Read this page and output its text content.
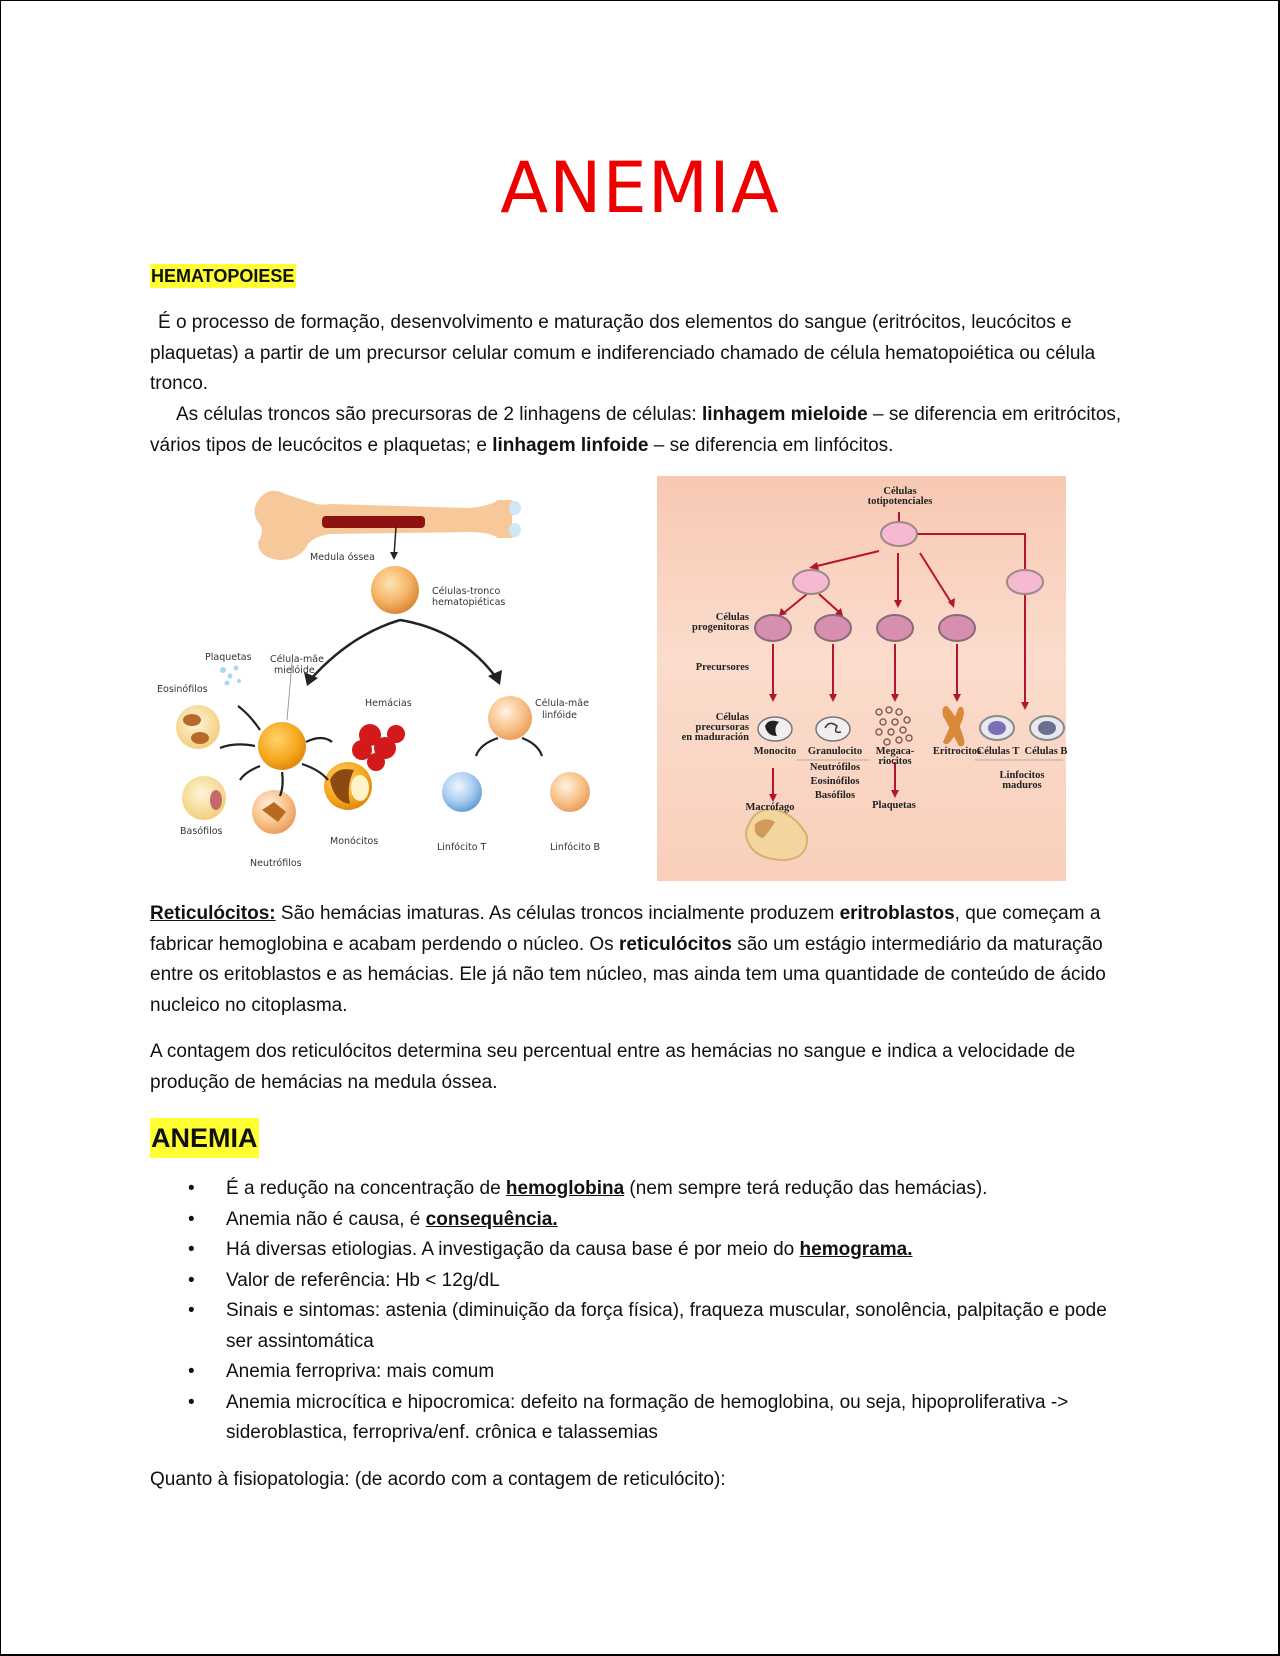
ANEMIA
HEMATOPOIESE
É o processo de formação, desenvolvimento e maturação dos elementos do sangue (eritrócitos, leucócitos e plaquetas) a partir de um precursor celular comum e indiferenciado chamado de célula hematopoiética ou célula tronco.
As células troncos são precursoras de 2 linhagens de células: linhagem mieloide – se diferencia em eritrócitos, vários tipos de leucócitos e plaquetas; e linhagem linfoide – se diferencia em linfócitos.
Medula óssea
Células-tronco
hematopiéticas
Plaquetas Célula-mãe
mielóide
Eosinófilos
Hemácias	Célula-mãe
linfóide
Basófilos
Monócitos
Neutrófilos
Linfócito T	Linfócito B
Células
totipotenciales
Células
progenitoras
Precursores
Células
precursoras
en maduración
Monocito	Granulocito	Megaca-
riocitos
Eritrocitos
Células T Células B
Neutrófilos
Eosinófilos
Basófilos
Macrófago	Plaquetas
Linfocitos
maduros
Reticulócitos: São hemácias imaturas. As células troncos incialmente produzem eritroblastos, que começam a fabricar hemoglobina e acabam perdendo o núcleo. Os reticulócitos são um estágio intermediário da maturação entre os eritoblastos e as hemácias. Ele já não tem núcleo, mas ainda tem uma quantidade de conteúdo de ácido nucleico no citoplasma.
A contagem dos reticulócitos determina seu percentual entre as hemácias no sangue e indica a velocidade de produção de hemácias na medula óssea.
ANEMIA
• É a redução na concentração de hemoglobina (nem sempre terá redução das hemácias).
• Anemia não é causa, é consequência.
• Há diversas etiologias. A investigação da causa base é por meio do hemograma.
• Valor de referência: Hb < 12g/dL
• Sinais e sintomas: astenia (diminuição da força física), fraqueza muscular, sonolência, palpitação e pode ser assintomática
• Anemia ferropriva: mais comum
• Anemia microcítica e hipocromica: defeito na formação de hemoglobina, ou seja, hipoproliferativa -> sideroblastica, ferropriva/enf. crônica e talassemias
Quanto à fisiopatologia: (de acordo com a contagem de reticulócito):
